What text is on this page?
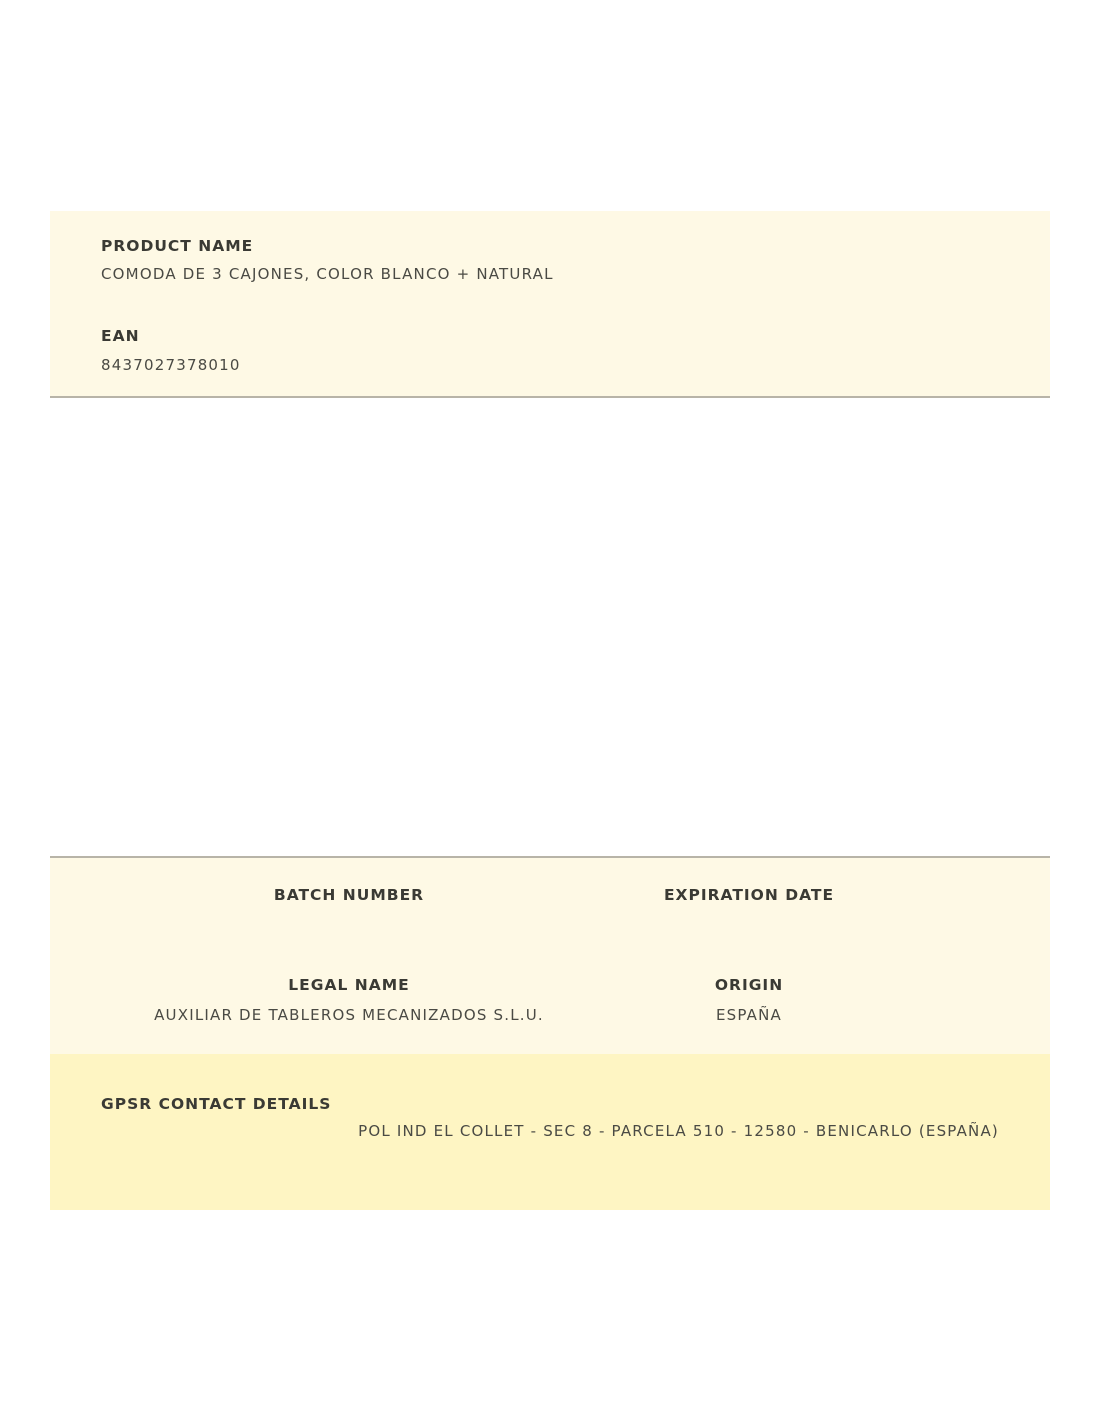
PRODUCT NAME
COMODA DE 3 CAJONES, COLOR BLANCO + NATURAL
EAN
8437027378010
BATCH NUMBER	EXPIRATION DATE
LEGAL NAME
AUXILIAR DE TABLEROS MECANIZADOS S.L.U.
ORIGIN
ESPAÑA
GPSR CONTACT DETAILS
POL IND EL COLLET - SEC 8 - PARCELA 510 - 12580 - BENICARLO (ESPAÑA)
